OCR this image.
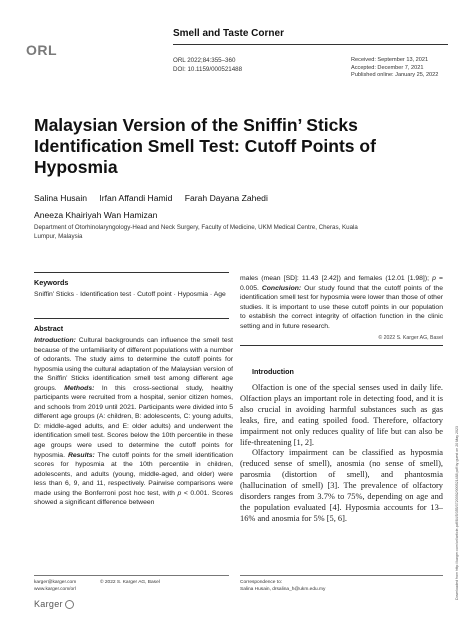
ORL
Smell and Taste Corner
ORL 2022;84:355–360
DOI: 10.1159/000521488
Received: September 13, 2021
Accepted: December 7, 2021
Published online: January 25, 2022
Malaysian Version of the Sniffin’ Sticks Identification Smell Test: Cutoff Points of Hyposmia
Salina Husain Irfan Affandi Hamid Farah Dayana Zahedi
Aneeza Khairiyah Wan Hamizan
Department of Otorhinolaryngology-Head and Neck Surgery, Faculty of Medicine, UKM Medical Centre, Cheras, Kuala Lumpur, Malaysia
Keywords
Sniffin’ Sticks · Identification test · Cutoff point · Hyposmia · Age
Abstract
Introduction: Cultural backgrounds can influence the smell test because of the unfamiliarity of different populations with a number of odorants. The study aims to determine the cutoff points for hyposmia using the cultural adaptation of the Malaysian version of the Sniffin’ Sticks identification smell test among different age groups. Methods: In this cross-sectional study, healthy participants were recruited from a hospital, senior citizen homes, and schools from 2019 until 2021. Participants were divided into 5 different age groups (A: children, B: adolescents, C: young adults, D: middle-aged adults, and E: older adults) and underwent the identification smell test. Scores below the 10th percentile in these age groups were used to determine the cutoff points for hyposmia. Results: The cutoff points for the smell identification scores for hyposmia at the 10th percentile in children, adolescents, and adults (young, middle-aged, and older) were less than 6, 9, and 11, respectively. Pairwise comparisons were made using the Bonferroni post hoc test, with p < 0.001. Scores showed a significant difference between
males (mean [SD]: 11.43 [2.42]) and females (12.01 [1.98]); p = 0.005. Conclusion: Our study found that the cutoff points of the identification smell test for hyposmia were lower than those of other studies. It is important to use these cutoff points in our population to establish the correct integrity of olfaction function in the clinic setting and in future research.
© 2022 S. Karger AG, Basel
Introduction

Olfaction is one of the special senses used in daily life. Olfaction plays an important role in detecting food, and it is also crucial in avoiding harmful substances such as gas leaks, fire, and eating spoiled food. Therefore, olfactory impairment not only reduces quality of life but can also be life-threatening [1, 2].

Olfactory impairment can be classified as hyposmia (reduced sense of smell), anosmia (no sense of smell), parosmia (distortion of smell), and phantosmia (hallucination of smell) [3]. The prevalence of olfactory disorders ranges from 3.7% to 75%, depending on age and the population evaluated [4]. Hyposmia accounts for 13–16% and anosmia for 5% [5, 6].	Downloaded from http://karger.com/orl/article-pdf/84/5/355/3720392/000521488.pdf by guest on 20 May 2023
karger@karger.com
www.karger.com/orl
© 2022 S. Karger AG, Basel	Correspondence to:
Salina Husain, drsalina_h@ukm.edu.my
Karger
